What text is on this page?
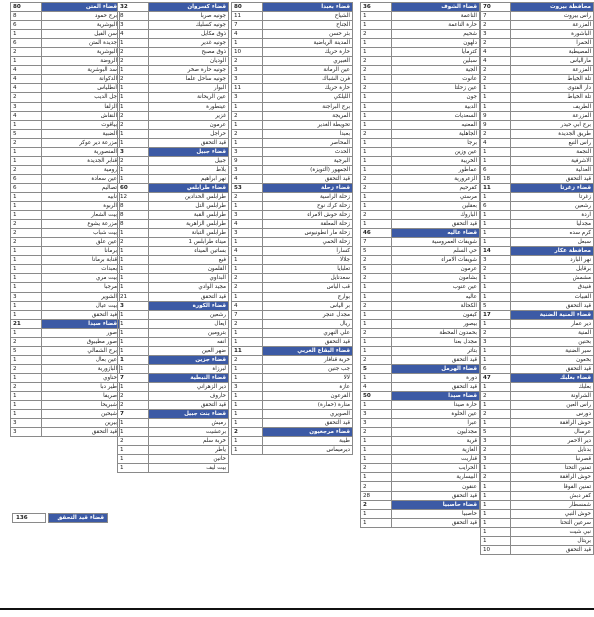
80	قضاء المتن
8	برج حمود
6	البوشرية
1	سن الفيل
6	جديدة المتن
2	البوشرية
1	الروضة
4	سد البوشرية
4	الدكوانة
4	أنطلياس
2	جل الديب
3	الزلقا
4	النقاش
1	بياقوت
5	الضبية
2	مزرعة دير عوكر
1	المنصورية
1	قنابر الجديدة
2	رومية
6	عين سعادة
6	تصاليم
1	نابيه
1	الربوة
1	بيت الشعار
2	مزرعة يشوع
2	بيت شباب
2	عين علق
1	برمانا
1	قنابة برمانا
1	بعبدات
1	بيت مري
1	مرجبا
3	الشوير
1	بيت عيال
1	فيد التحقق
21	قضاء صيدا
1	صور
2	صور مطيبوق
5	برج الشمالي
1	عين بعال
2	البازورية
1	حناوي
2	طير دبا
1	صريفا
1	شبريحا
1	شيحين
3	بيرين
3	قيد التحقق
32	قضاء كسروان
8	جونيه صربا
3	جونيه كسليك
4	ذوق مكايل
1	جونيه غدير
2	ذوق مصبح
2	الوديان
1	جونيه حارة صخر
2	جونيه ساحل علما
1	البوار
1	عين الريحانة
1	عينطورة
2	غزير
2	عرمون
1	حراجل
1	قيد التحقق
3	قضاء جبيل
2	جبيل
1	بلاط
1	نهر ابراهيم
60	قضاء طرابلس
12	طرابلس الحدادين
8	طرابلس التل
8	طرابلس القبة
8	طرابلس الزاهرية
1	طرابلس التبانة
2	ميناء طرابلس 1
1	بساتين الميناء
1	فيع
1	القلمون
1	البداوي
1	مجيد الوادي
21	قيد التحقق
3	قضاء الكورة
1	رشعين
1	ايعال
1	بترومين
1	انفه
1	ضهر العين
1	قضاء جزين
1	لبرزاة
7	قضاء النبطية
1	دير الزهراني
2	حاروف
2	قيد التحقق
7	قضاء بنت جبيل
1	رميش
1	برعشيت
2	خربة سلم
1	ياطر
1	حانين
1	بيت ليف
80	قضاء بعبدا
11	الشياح
7	الجناح
4	بئر حسن
1	المدينة الرياضية
10	حارة حريك
2	الغبيري
3	عين الرمانة
3	فرن الشباك
11	حارة حريك
3	الليلكي
1	برج البراجنة
2	المريجة
1	تحويطة الغدير
2	بعبدا
1	المحاصر
3	الحدث
9	البرجية
3	الجمهور (التويزة)
4	قيد التحقق
53	قضاء زحلة
2	زحلة الراسية
1	زحلة كرك نوح
3	زحلة حوش الامراء
4	زحلة المعلقة
3	زحلة مار انطونيوس
1	زحلة الحمي
4	كسارا
1	جلالا
1	تعلبايا
2	سعدنايل
2	قب الياس
1	بوارج
4	بر الياس
7	مجدل عنجر
2	ريال
1	علي النهري
1	قيد التحقق
11	قضاء البقاع الغربي
2	خربة قنافار
1	جب جنين
1	لالا
3	عازة
1	القرعون
1	منارة (حمارة)
1	الصويري
1	قيد التحقق
2	قضاء مرجعيون
1	طيبة
1	ديرميماس
36	قضاء الشوف
1	الناعمة
1	حارة الناعمة
2	شحيم
1	دلهون
1	كترمايا
2	سبلين
2	الجية
1	عانوت
2	عين زحلتا
1	جون
1	الدبية
1	السعديات
1	المعنيه
2	الجاهلية
1	برجا
1	عين وزين
1	الخريبة
1	عماطور
2	الزعرورية
2	كفرحيم
1	مرستي
1	بعقلين
2	الباروك
1	قيد التحقق
46	قضاء عاليه
7	شويفات العمروسية
5	حي السلم
2	شويفات الامراء
5	عرمون
2	بشامون
1	عين عنوب
1	عاليه
2	الكحالة
1	كيفون
1	بيصور
2	بحمدون المحطة
1	مجدل بعنا
1	بتاتر
2	قيد التحقق
5	قضاء الهرمل
1	دورة
4	قيد التحقق
50	قضاء صيدا
1	حارة صيدا
3	عين الحلوة
3	عبرا
2	مجدليون
1	قرية
1	الغازية
1	قناريت
2	الحرايب
1	البيسارية
2	عنقون
28	قيد التحقق
2	قضاء حاصبيا
1	حاصبيا
1	قيد التحقق
70	محافظة بيروت
7	راس بيروت
2	المزرعة
3	الباشورة
2	الحمرا
4	المصيطبة
4	مارالياس
2	المزرعة
2	تلة الخياط
1	دار الفتوى
1	تلة الخياط
1	الطريف
9	المزرعة
9	برج ابي حيدر
2	طريق الجديدة
4	راس النبع
1	النجمة
1	الاشرفية
6	العدلية
18	قيد التحقق
11	قضاء زغرتا
1	زغرتا
6	رشعين
1	اردة
1	مجدليا
1	كرم سده
1	سبعل
14	محافظة عكار
3	نهر البارد
2	برقايل
1	مشمش
1	فنيدق
1	القبيات
5	قيد التحقق
17	قضاء المنية الضنية
1	دير عمار
2	المنية
3	بحنين
1	سير الضنية
1	بخعون
6	قيد التحقق
47	قضاء بعلبك
1	بعلبك
2	الشراونة
1	راس العين
2	دورس
1	حوش الرافقة
5	عرسال
3	دير الاحمر
2	بدنايل
3	قصرنبا
1	تمنين التحتا
2	حوش الرافقة
1	تمنين الفوقا
1	كفر دبش
1	شمسطار
1	حوش النبي
1	سرعين التحتا
1	نبي شيت
1	بريتال
10	قيد التحقق
136	قضاء قيد التحقق
